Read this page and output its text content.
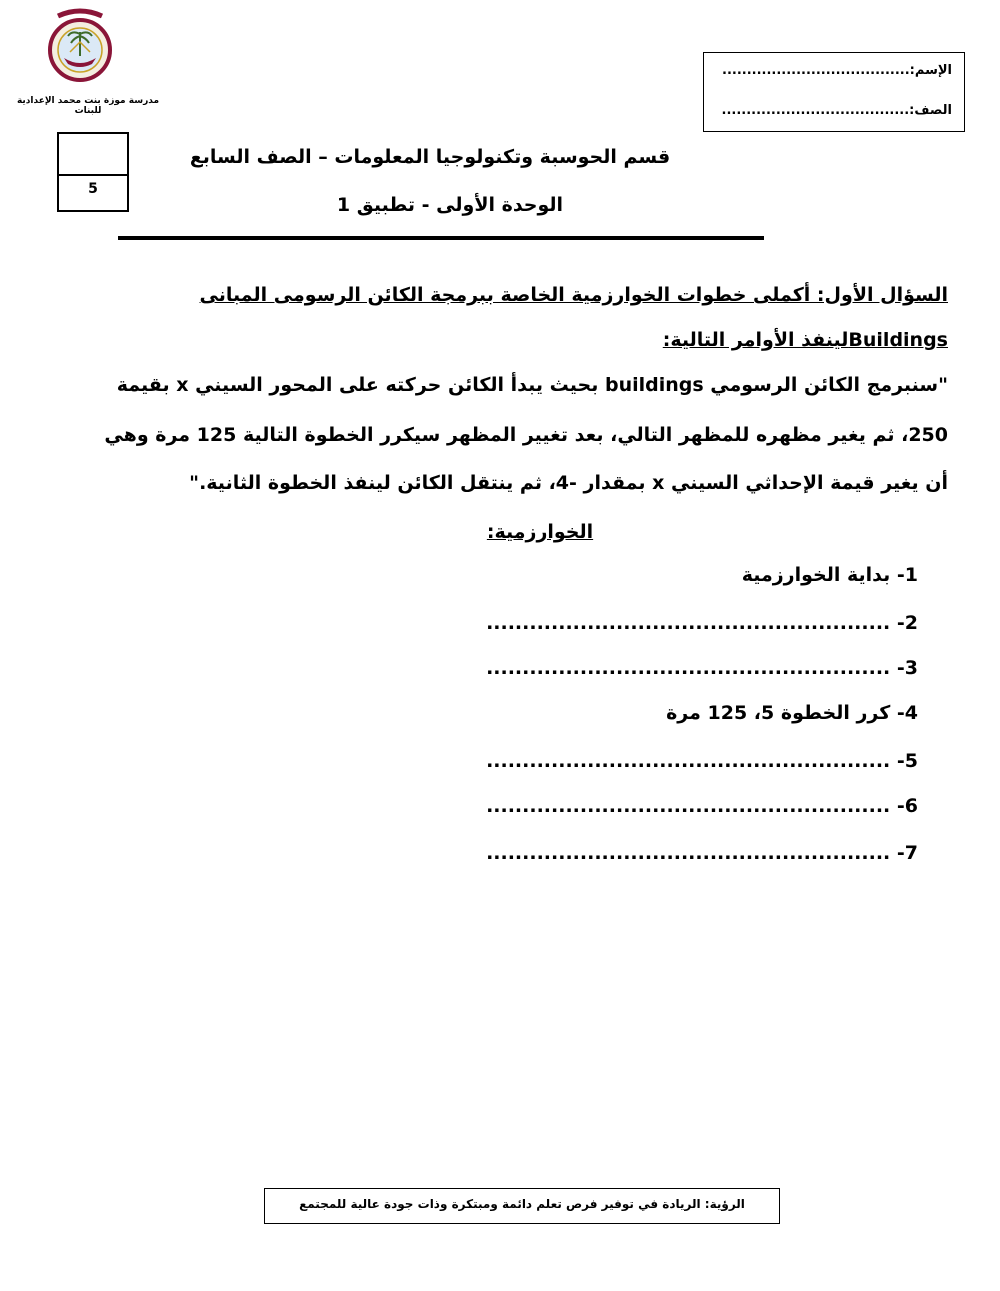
مدرسة موزة بنت محمد الإعدادية للبنات
الإسم:......................................
الصف:......................................
5
قسم الحوسبة وتكنولوجيا المعلومات – الصف السابع
الوحدة الأولى - تطبيق 1
السؤال الأول: أكملى خطوات الخوارزمية الخاصة ببرمجة الكائن الرسومى المبانى
Buildingsلينفذ الأوامر التالية:
"سنبرمج الكائن الرسومي buildings بحيث يبدأ الكائن حركته على المحور السيني x بقيمة
250، ثم يغير مظهره للمظهر التالي، بعد تغيير المظهر سيكرر الخطوة التالية 125 مرة وهي
أن يغير قيمة الإحداثي السيني x بمقدار -4، ثم ينتقل الكائن لينفذ الخطوة الثانية."
الخوارزمية:
1- بداية الخوارزمية
2- ........................................................
3- ........................................................
4- كرر الخطوة 5، 125 مرة
5- ........................................................
6- ........................................................
7- ........................................................
الرؤية: الريادة في توفير فرص تعلم دائمة ومبتكرة وذات جودة عالية للمجتمع
